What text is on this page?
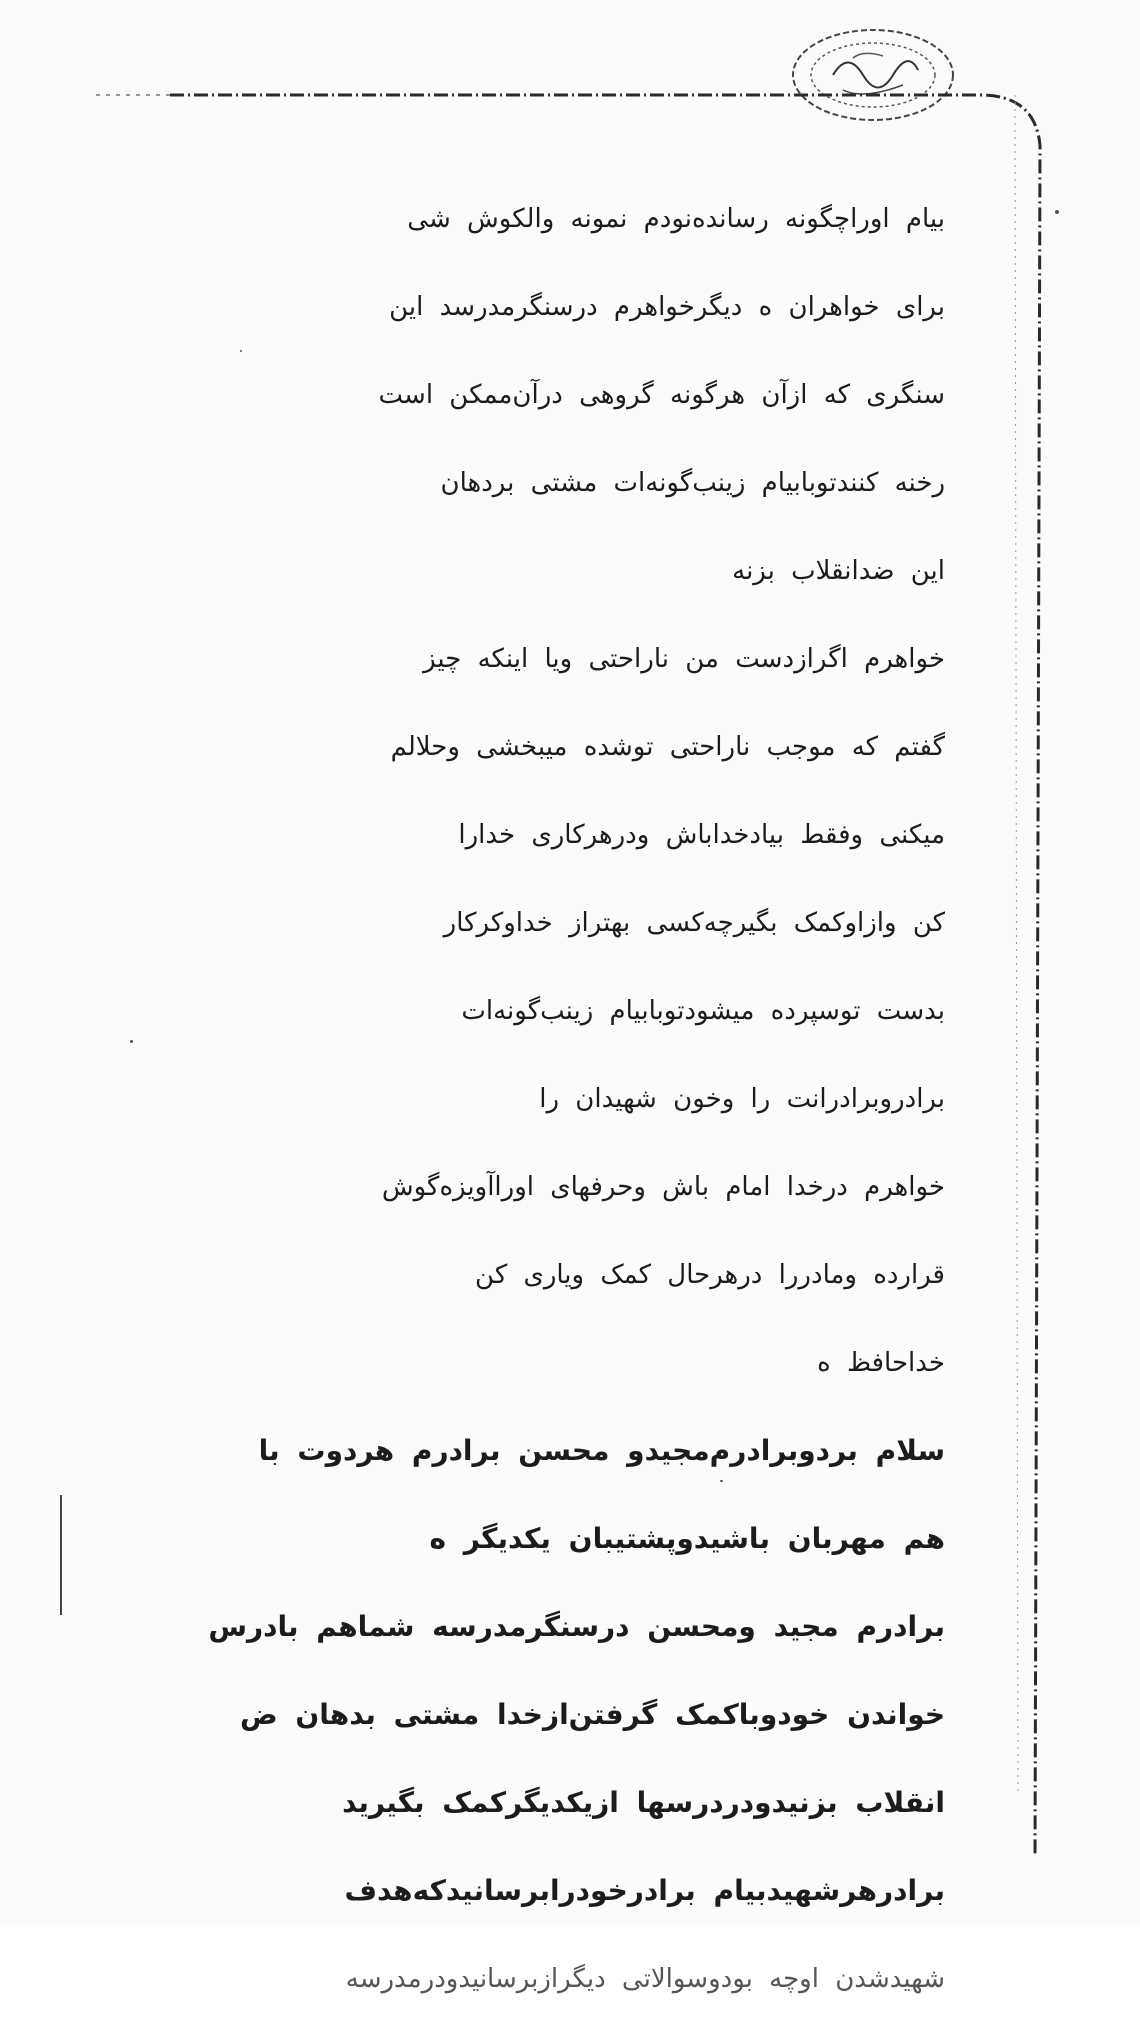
بیام اوراچگونه رسانده‌نودم نمونه والکوش شی
برای خواهران ه دیگرخواهرم درسنگرمدرسد این
سنگری که ازآن هرگونه گروهی درآن‌ممکن است
رخنه کنندتوبابیام زینب‌گونه‌ات مشتی بردهان
این ضدانقلاب بزنه
خواهرم اگرازدست من ناراحتی ویا اینکه چیز
گفتم که موجب ناراحتی توشده میبخشی وحلالم
میکنی وفقط بیادخداباش ودرهرکاری خدارا
کن وازاوکمک بگیرچه‌کسی بهتراز خداوکرکار
بدست توسپرده میشودتوبابیام زینب‌گونه‌ات
برادروبرادرانت را وخون شهیدان را
خواهرم درخدا امام باش وحرفهای اوراآویزه‌گوش
قرارده ومادررا درهرحال کمک ویاری کن
خداحافظ ه
سلام بردوبرادرم‌مجیدو محسن برادرم هردوت با
هم مهربان باشیدوپشتیبان یکدیگر ه
برادرم مجید ومحسن درسنگرمدرسه شماهم بادرس
خواندن خودوباکمک گرفتن‌ازخدا مشتی بدهان ض
انقلاب بزنیدودردرسها ازیکدیگرکمک بگیرید
برادرهرشهیدبیام برادرخودرابرسانیدکه‌هدف
شهیدشدن اوچه بودوسوالاتی دیگرازبرسانیدودرمدرسه
